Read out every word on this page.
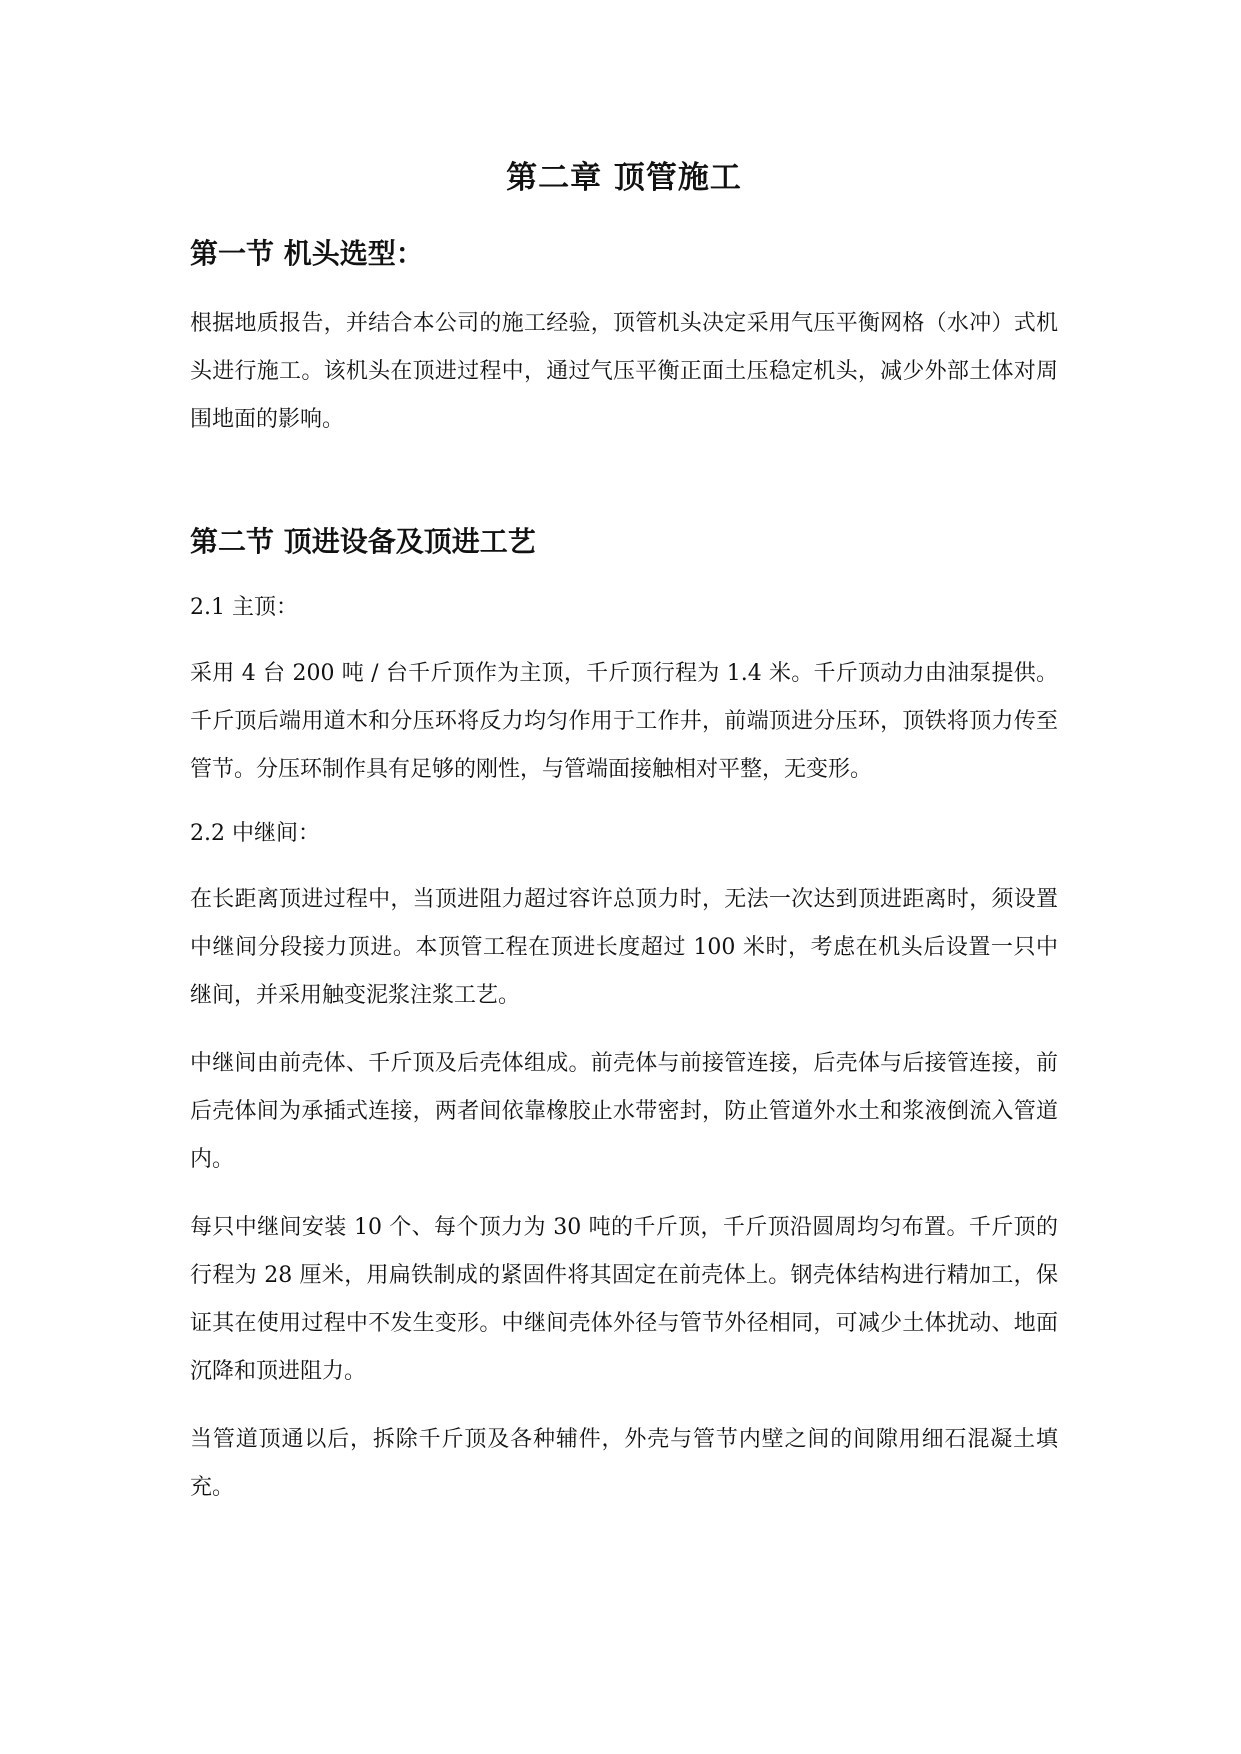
第二章 顶管施工
第一节 机头选型：

根据地质报告，并结合本公司的施工经验，顶管机头决定采用气压平衡网格（水冲）式机头进行施工。该机头在顶进过程中，通过气压平衡正面土压稳定机头，减少外部土体对周围地面的影响。

第二节 顶进设备及顶进工艺
2.1 主顶：

采用 4 台 200 吨 / 台千斤顶作为主顶，千斤顶行程为 1.4 米。千斤顶动力由油泵提供。千斤顶后端用道木和分压环将反力均匀作用于工作井，前端顶进分压环，顶铁将顶力传至管节。分压环制作具有足够的刚性，与管端面接触相对平整，无变形。

2.2 中继间：

在长距离顶进过程中，当顶进阻力超过容许总顶力时，无法一次达到顶进距离时，须设置中继间分段接力顶进。本顶管工程在顶进长度超过 100 米时，考虑在机头后设置一只中继间，并采用触变泥浆注浆工艺。

中继间由前壳体、千斤顶及后壳体组成。前壳体与前接管连接，后壳体与后接管连接，前后壳体间为承插式连接，两者间依靠橡胶止水带密封，防止管道外水土和浆液倒流入管道内。

每只中继间安装 10 个、每个顶力为 30 吨的千斤顶，千斤顶沿圆周均匀布置。千斤顶的行程为 28 厘米，用扁铁制成的紧固件将其固定在前壳体上。钢壳体结构进行精加工，保证其在使用过程中不发生变形。中继间壳体外径与管节外径相同，可减少土体扰动、地面沉降和顶进阻力。

当管道顶通以后，拆除千斤顶及各种辅件，外壳与管节内壁之间的间隙用细石混凝土填充。
